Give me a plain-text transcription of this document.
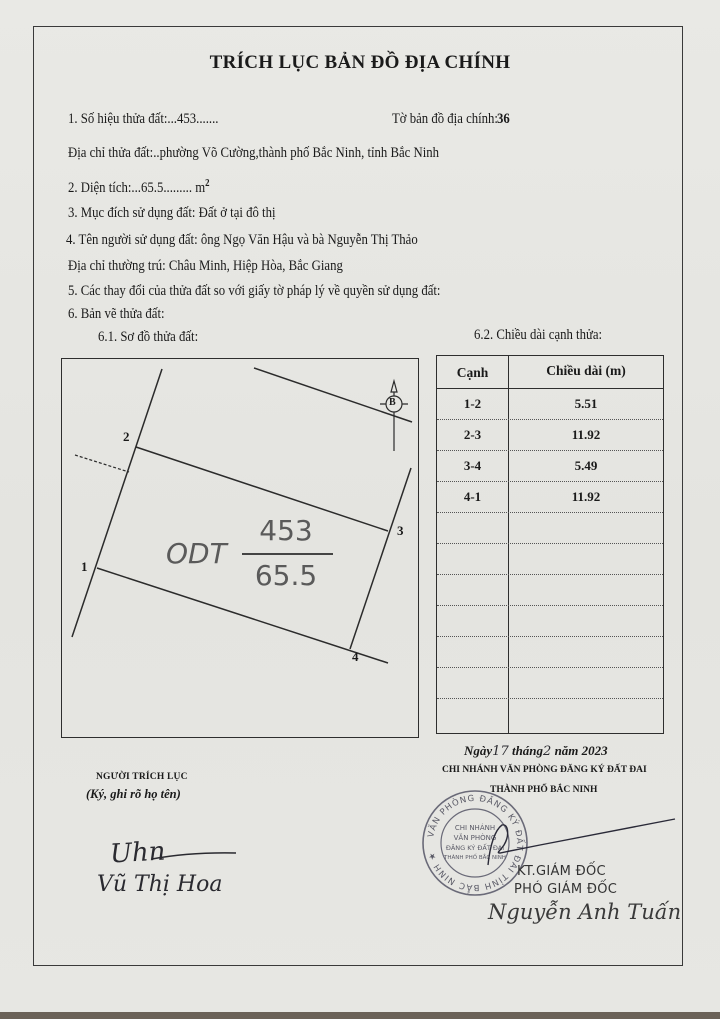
TRÍCH LỤC BẢN ĐỒ ĐỊA CHÍNH
1. Số hiệu thửa đất:...453.......	Tờ bản đồ địa chính: 36
Địa chỉ thửa đất:..phường Võ Cường,thành phố Bắc Ninh, tỉnh Bắc Ninh
2. Diện tích:...65.5......... $m^2$
3. Mục đích sử dụng đất: Đất ở tại đô thị
4. Tên người sử dụng đất: ông Ngọ Văn Hậu và bà Nguyễn Thị Thảo
Địa chỉ thường trú: Châu Minh, Hiệp Hòa, Bắc Giang
5. Các thay đổi của thửa đất so với giấy tờ pháp lý về quyền sử dụng đất:
6. Bản vẽ thửa đất:
6.1. Sơ đồ thửa đất:	6.2. Chiều dài cạnh thửa:
B
2
1
3
4
ODT
453
65.5
Cạnh	Chiều dài (m)
1-2	5.51
2-3	11.92
3-4	5.49
4-1	11.92
NGƯỜI TRÍCH LỤC
(Ký, ghi rõ họ tên)
Uhn
Vũ Thị Hoa
Ngày17 tháng2 năm 2023
CHI NHÁNH VĂN PHÒNG ĐĂNG KÝ ĐẤT ĐAI
THÀNH PHỐ BẮC NINH
VĂN PHÒNG ĐĂNG KÝ ĐẤT ĐAI TỈNH BẮC NINH ★
CHI NHÁNH
VĂN PHÒNG
ĐĂNG KÝ ĐẤT ĐAI
THÀNH PHỐ BẮC NINH
KT.GIÁM ĐỐC
PHÓ GIÁM ĐỐC
Nguyễn Anh Tuấn
